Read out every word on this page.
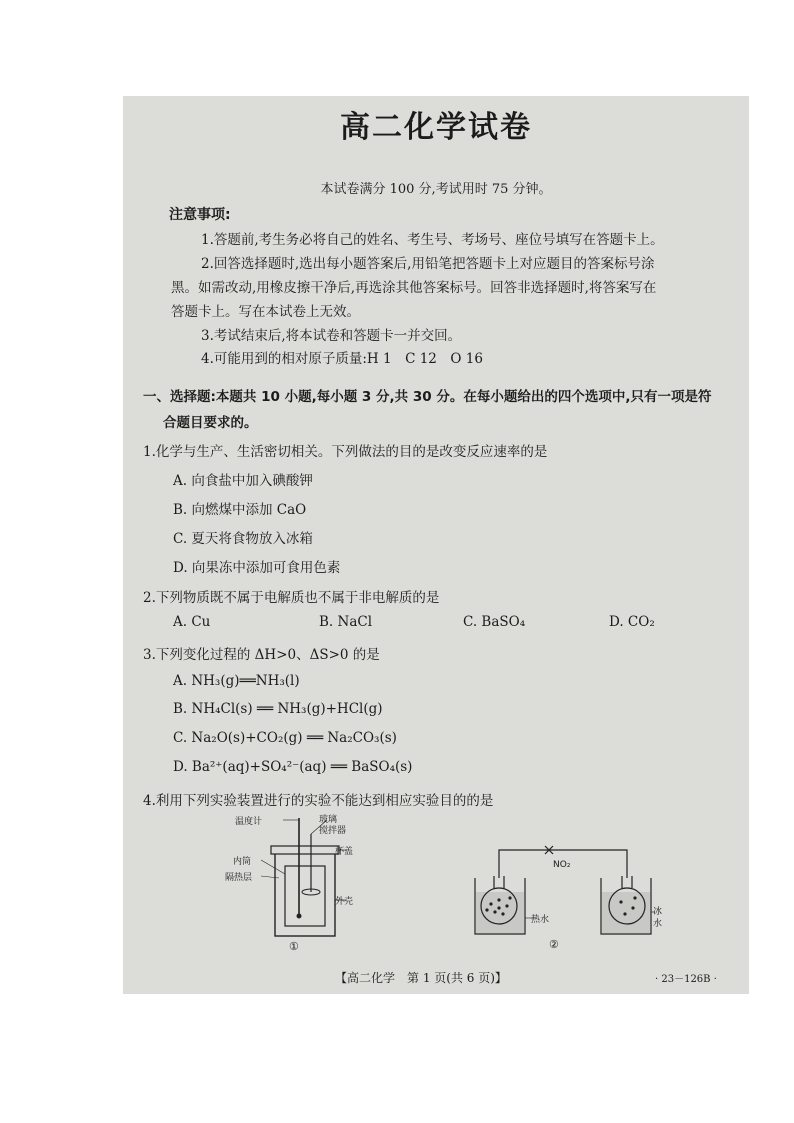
高二化学试卷
本试卷满分 100 分,考试用时 75 分钟。
注意事项:
1.答题前,考生务必将自己的姓名、考生号、考场号、座位号填写在答题卡上。
2.回答选择题时,选出每小题答案后,用铅笔把答题卡上对应题目的答案标号涂
黑。如需改动,用橡皮擦干净后,再选涂其他答案标号。回答非选择题时,将答案写在
答题卡上。写在本试卷上无效。
3.考试结束后,将本试卷和答题卡一并交回。
4.可能用到的相对原子质量:H 1　C 12　O 16
一、选择题:本题共 10 小题,每小题 3 分,共 30 分。在每小题给出的四个选项中,只有一项是符
合题目要求的。
1.化学与生产、生活密切相关。下列做法的目的是改变反应速率的是
A. 向食盐中加入碘酸钾
B. 向燃煤中添加 CaO
C. 夏天将食物放入冰箱
D. 向果冻中添加可食用色素
2.下列物质既不属于电解质也不属于非电解质的是
A. Cu	B. NaCl	C. BaSO₄	D. CO₂
3.下列变化过程的 ΔH>0、ΔS>0 的是
A. NH₃(g)══NH₃(l)
B. NH₄Cl(s) ══ NH₃(g)+HCl(g)
C. Na₂O(s)+CO₂(g) ══ Na₂CO₃(s)
D. Ba²⁺(aq)+SO₄²⁻(aq) ══ BaSO₄(s)
4.利用下列实验装置进行的实验不能达到相应实验目的的是
温度计	玻璃
搅拌器
内筒
杯盖
隔热层
外壳
①
NO₂
热水
冰
水
②
【高二化学　第 1 页(共 6 页)】	· 23－126B ·
